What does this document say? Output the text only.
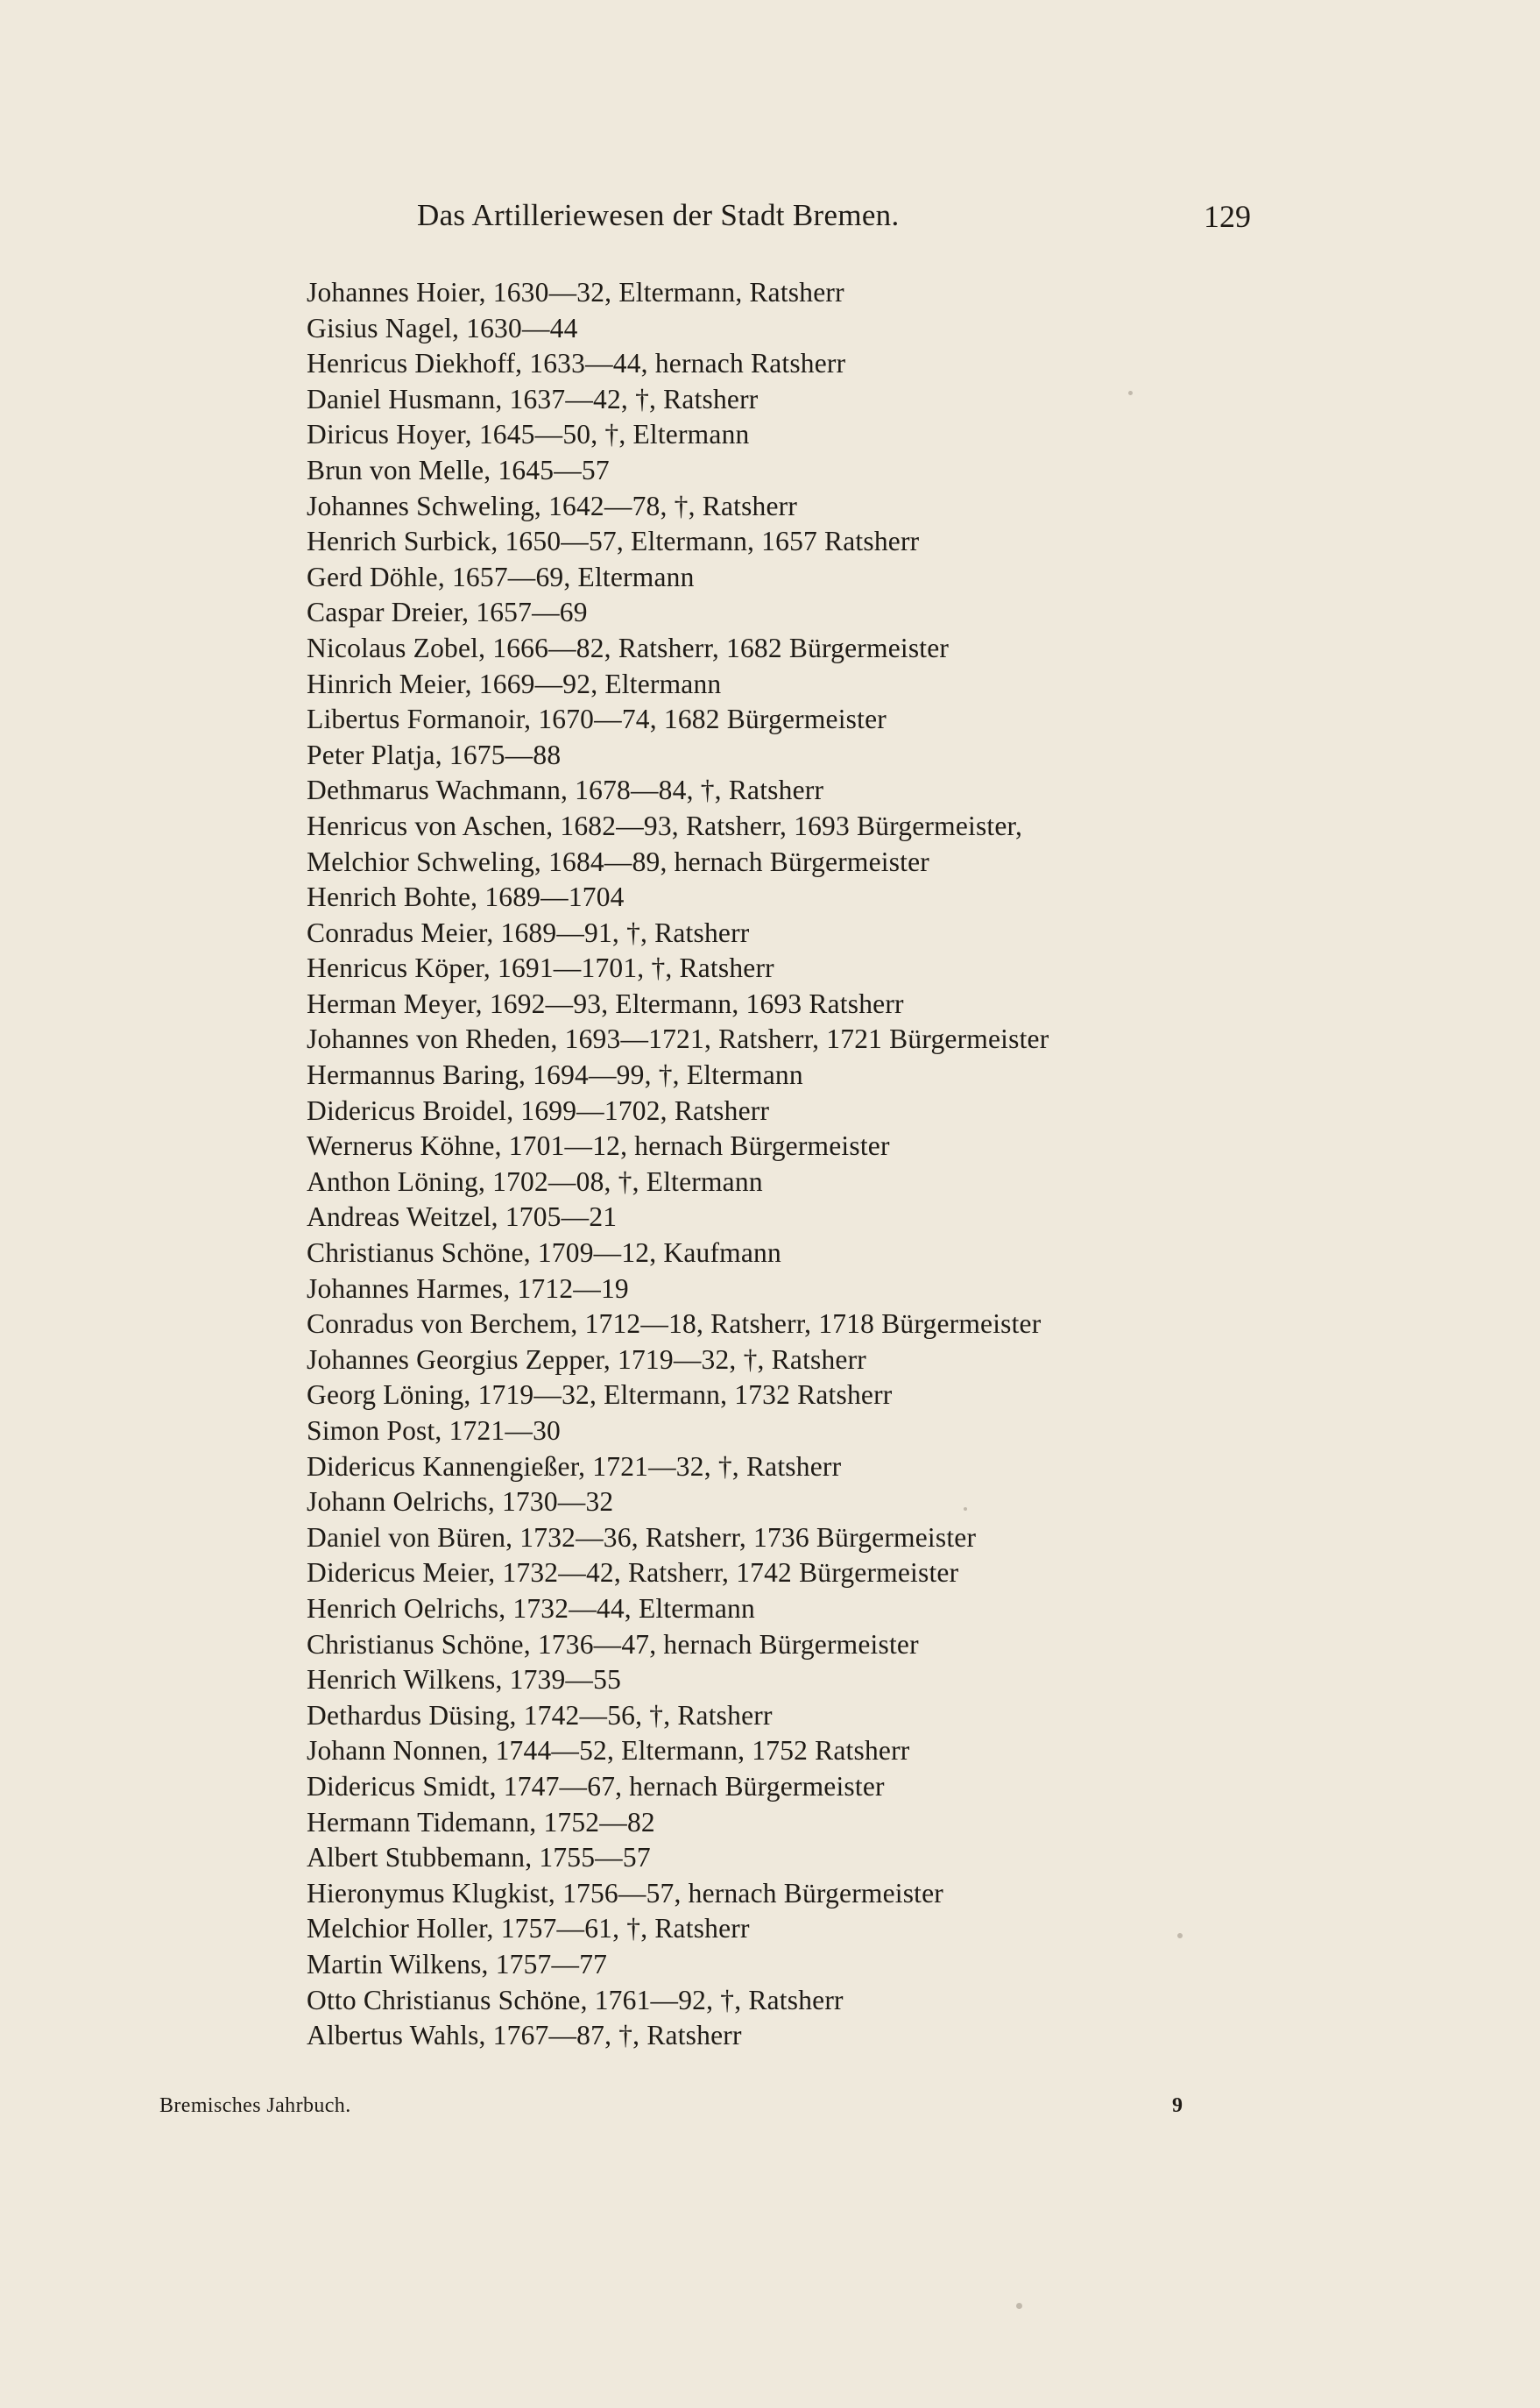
Das Artilleriewesen der Stadt Bremen.	129
Johannes Hoier, 1630—32, Eltermann, Ratsherr
Gisius Nagel, 1630—44
Henricus Diekhoff, 1633—44, hernach Ratsherr
Daniel Husmann, 1637—42, †, Ratsherr
Diricus Hoyer, 1645—50, †, Eltermann
Brun von Melle, 1645—57
Johannes Schweling, 1642—78, †, Ratsherr
Henrich Surbick, 1650—57, Eltermann, 1657 Ratsherr
Gerd Döhle, 1657—69, Eltermann
Caspar Dreier, 1657—69
Nicolaus Zobel, 1666—82, Ratsherr, 1682 Bürgermeister
Hinrich Meier, 1669—92, Eltermann
Libertus Formanoir, 1670—74, 1682 Bürgermeister
Peter Platja, 1675—88
Dethmarus Wachmann, 1678—84, †, Ratsherr
Henricus von Aschen, 1682—93, Ratsherr, 1693 Bürgermeister,
Melchior Schweling, 1684—89, hernach Bürgermeister
Henrich Bohte, 1689—1704
Conradus Meier, 1689—91, †, Ratsherr
Henricus Köper, 1691—1701, †, Ratsherr
Herman Meyer, 1692—93, Eltermann, 1693 Ratsherr
Johannes von Rheden, 1693—1721, Ratsherr, 1721 Bürgermeister
Hermannus Baring, 1694—99, †, Eltermann
Didericus Broidel, 1699—1702, Ratsherr
Wernerus Köhne, 1701—12, hernach Bürgermeister
Anthon Löning, 1702—08, †, Eltermann
Andreas Weitzel, 1705—21
Christianus Schöne, 1709—12, Kaufmann
Johannes Harmes, 1712—19
Conradus von Berchem, 1712—18, Ratsherr, 1718 Bürgermeister
Johannes Georgius Zepper, 1719—32, †, Ratsherr
Georg Löning, 1719—32, Eltermann, 1732 Ratsherr
Simon Post, 1721—30
Didericus Kannengießer, 1721—32, †, Ratsherr
Johann Oelrichs, 1730—32
Daniel von Büren, 1732—36, Ratsherr, 1736 Bürgermeister
Didericus Meier, 1732—42, Ratsherr, 1742 Bürgermeister
Henrich Oelrichs, 1732—44, Eltermann
Christianus Schöne, 1736—47, hernach Bürgermeister
Henrich Wilkens, 1739—55
Dethardus Düsing, 1742—56, †, Ratsherr
Johann Nonnen, 1744—52, Eltermann, 1752 Ratsherr
Didericus Smidt, 1747—67, hernach Bürgermeister
Hermann Tidemann, 1752—82
Albert Stubbemann, 1755—57
Hieronymus Klugkist, 1756—57, hernach Bürgermeister
Melchior Holler, 1757—61, †, Ratsherr
Martin Wilkens, 1757—77
Otto Christianus Schöne, 1761—92, †, Ratsherr
Albertus Wahls, 1767—87, †, Ratsherr
Bremisches Jahrbuch.	9
